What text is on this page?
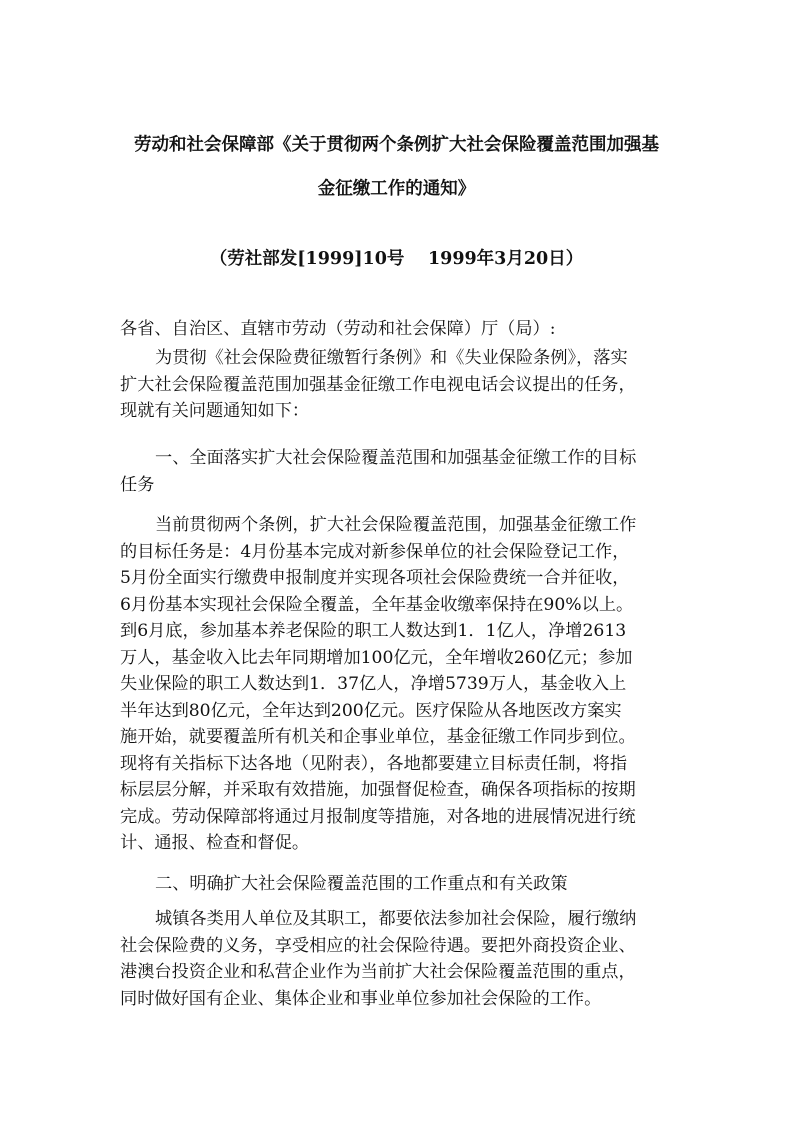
劳动和社会保障部《关于贯彻两个条例扩大社会保险覆盖范围加强基
金征缴工作的通知》
（劳社部发[1999]10号　 1999年3月20日）
各省、自治区、直辖市劳动（劳动和社会保障）厅（局）:
为贯彻《社会保险费征缴暂行条例》和《失业保险条例》，落实
扩大社会保险覆盖范围加强基金征缴工作电视电话会议提出的任务，
现就有关问题通知如下：
一、全面落实扩大社会保险覆盖范围和加强基金征缴工作的目标
任务
当前贯彻两个条例，扩大社会保险覆盖范围，加强基金征缴工作
的目标任务是：4月份基本完成对新参保单位的社会保险登记工作，
5月份全面实行缴费申报制度并实现各项社会保险费统一合并征收，
6月份基本实现社会保险全覆盖，全年基金收缴率保持在90%以上。
到6月底，参加基本养老保险的职工人数达到1．1亿人，净增2613
万人，基金收入比去年同期增加100亿元，全年增收260亿元；参加
失业保险的职工人数达到1．37亿人，净增5739万人，基金收入上
半年达到80亿元，全年达到200亿元。医疗保险从各地医改方案实
施开始，就要覆盖所有机关和企事业单位，基金征缴工作同步到位。
现将有关指标下达各地（见附表），各地都要建立目标责任制，将指
标层层分解，并采取有效措施，加强督促检查，确保各项指标的按期
完成。劳动保障部将通过月报制度等措施，对各地的进展情况进行统
计、通报、检查和督促。
二、明确扩大社会保险覆盖范围的工作重点和有关政策
城镇各类用人单位及其职工，都要依法参加社会保险，履行缴纳
社会保险费的义务，享受相应的社会保险待遇。要把外商投资企业、
港澳台投资企业和私营企业作为当前扩大社会保险覆盖范围的重点，
同时做好国有企业、集体企业和事业单位参加社会保险的工作。
